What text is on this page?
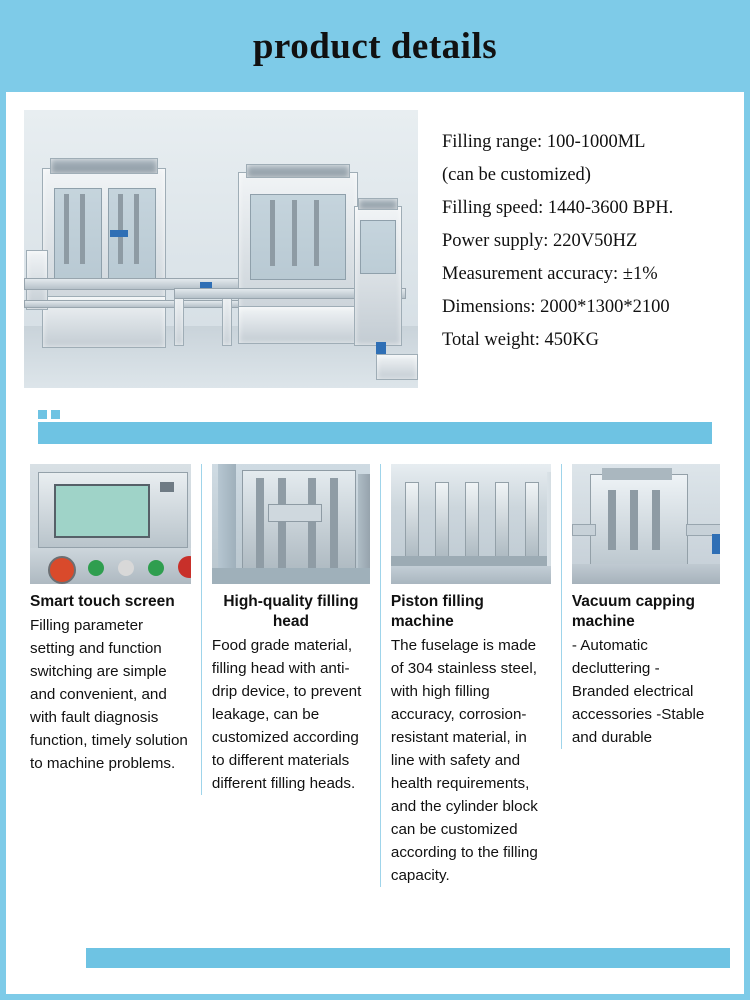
product details
Filling range: 100-1000ML
(can be customized)
Filling speed: 1440-3600 BPH.
Power supply: 220V50HZ
Measurement accuracy: ±1%
Dimensions: 2000*1300*2100
Total weight: 450KG
Smart touch screen
Filling parameter setting and function switching are simple and convenient, and with fault diagnosis function, timely solution to machine problems.
High-quality filling head
Food grade material, filling head with anti-drip device, to prevent leakage, can be customized according to different materials different filling heads.
Piston filling machine
The fuselage is made of 304 stainless steel, with high filling accuracy, corrosion-resistant material, in line with safety and health requirements, and the cylinder block can be customized according to the filling capacity.
Vacuum capping machine
- Automatic decluttering - Branded electrical accessories -Stable and durable
